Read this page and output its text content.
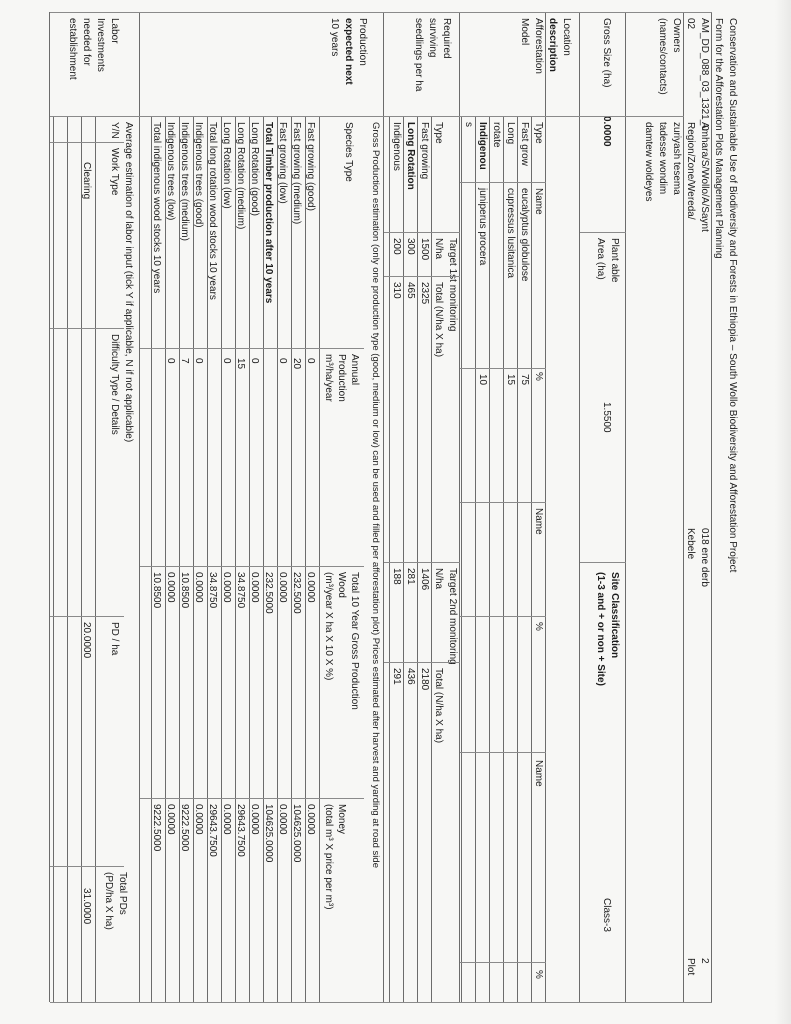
Conservation and Sustainable Use of Biodiversity and Forests in Ethiopia – South Wollo Biodiversity and Afforestation Project
Form for the Afforestation Plots Management Planning
AM_DD_088_03_1321_0
Amhara/S/Wollo/A/Saynt
Region/Zone/Wereda/
02
018 ene derb
Kebele
2
Plot
Owners
(names/contacts)
zuriyash tesema
tadesse wondim
damtew woldeyes
Gross Size (ha)
0.0000
Plant able
Area (ha)
1.5500
Site Classification
(1-3 and + or non + Site)
Class-3
Location
description
Afforestation
Model
Type
Name
%
Name
%
Name
%
Fast grow
eucalyptus globulose
75
Long
cupressus lusitanica
15
rotate
Indigenou
juniperus procera
10
s
Required
surviving
seedlings per ha
Type
Target 1st monitoring
N/ha
Total (N/ha X ha)
Target 2nd monitoring
N/ha
Total (N/ha X ha)
Fast growing
1500
2325
1406
2180
Long Rotation
300
465
281
436
Indigenous
200
310
188
291
Production
expected next
10 years
Gross Production estimation (only one production type (good, medium or low) can be used and filled per afforestation plot) Prices estimated after harvest and yarding at road side
Species Type
Annual
Production
m³/ha/year
Total 10 Year Gross Production
Wood
(m³/year X ha X 10 X %)
Money
(total m³ X price per m³)
Fast growing (good)
0
0.0000
0.0000
Fast growing (medium)
20
232.5000
104625.0000
Fast growing (low)
0
0.0000
0.0000
Total Timber production after 10 years
232.5000
104625.0000
Long Rotation (good)
0
0.0000
0.0000
Long Rotation (medium)
15
34.8750
29643.7500
Long Rotation (low)
0
0.0000
0.0000
Total long rotation wood stocks 10 years
34.8750
29643.7500
Indigenous trees (good)
0
0.0000
0.0000
Indigenous trees (medium)
7
10.8500
9222.5000
Indigenous trees (low)
0
0.0000
0.0000
Total indigenous wood stocks 10 years
10.8500
9222.5000
Labor
Investments
needed for
establishment
Average estimation of labor input (tick Y if applicable, N if not applicable)
Y/N
Work Type
Difficulty Type / Details
PD / ha
Total PDs
(PD/ha X ha)
Clearing
20.0000
31.0000
